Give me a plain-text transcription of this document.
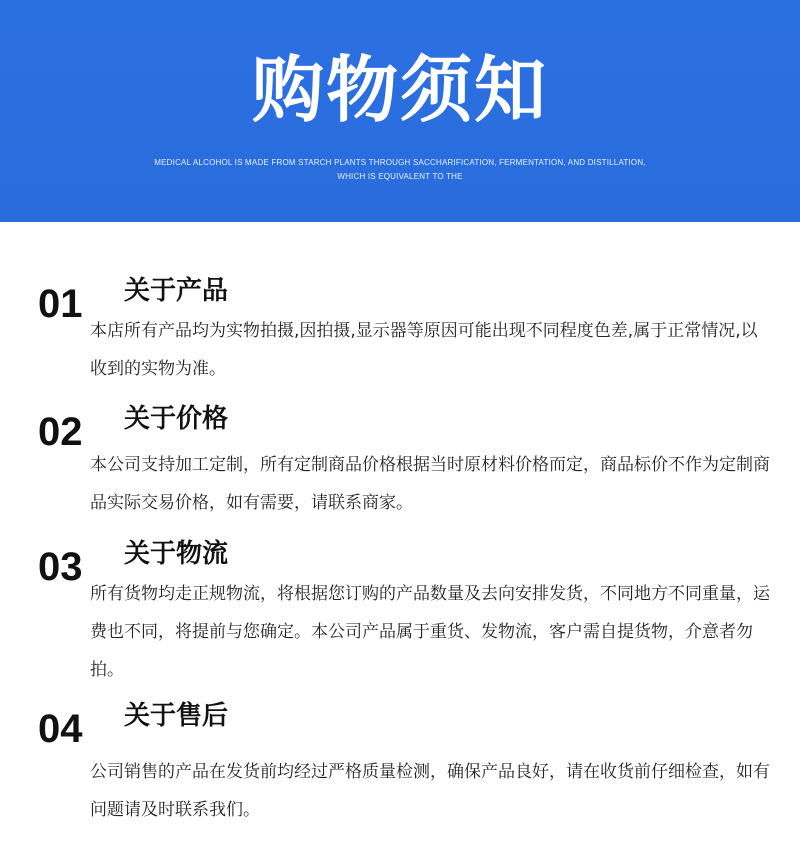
购物须知
MEDICAL ALCOHOL IS MADE FROM STARCH PLANTS THROUGH SACCHARIFICATION, FERMENTATION, AND DISTILLATION, WHICH IS EQUIVALENT TO THE
01 关于产品
本店所有产品均为实物拍摄,因拍摄,显示器等原因可能出现不同程度色差,属于正常情况,以收到的实物为准。
02 关于价格
本公司支持加工定制，所有定制商品价格根据当时原材料价格而定，商品标价不作为定制商品实际交易价格，如有需要，请联系商家。
03 关于物流
所有货物均走正规物流，将根据您订购的产品数量及去向安排发货，不同地方不同重量，运费也不同，将提前与您确定。本公司产品属于重货、发物流，客户需自提货物，介意者勿拍。
04 关于售后
公司销售的产品在发货前均经过严格质量检测，确保产品良好，请在收货前仔细检查，如有问题请及时联系我们。
